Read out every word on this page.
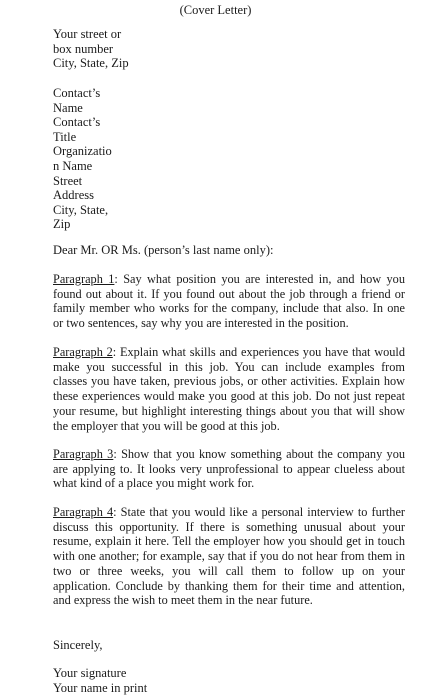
(Cover Letter)
Your street or
box number
City, State, Zip
Contact’s
Name
Contact’s
Title
Organizatio
n Name
Street
Address
City, State,
Zip
Dear Mr. OR Ms. (person’s last name only):

Paragraph 1: Say what position you are interested in, and how you found out about it. If you found out about the job through a friend or family member who works for the company, include that also. In one or two sentences, say why you are interested in the position.

Paragraph 2: Explain what skills and experiences you have that would make you successful in this job. You can include examples from classes you have taken, previous jobs, or other activities. Explain how these experiences would make you good at this job. Do not just repeat your resume, but highlight interesting things about you that will show the employer that you will be good at this job.

Paragraph 3: Show that you know something about the company you are applying to. It looks very unprofessional to appear clueless about what kind of a place you might work for.

Paragraph 4: State that you would like a personal interview to further discuss this opportunity. If there is something unusual about your resume, explain it here. Tell the employer how you should get in touch with one another; for example, say that if you do not hear from them in two or three weeks, you will call them to follow up on your application. Conclude by thanking them for their time and attention, and express the wish to meet them in the near future.

Sincerely,
Your signature
Your name in print
